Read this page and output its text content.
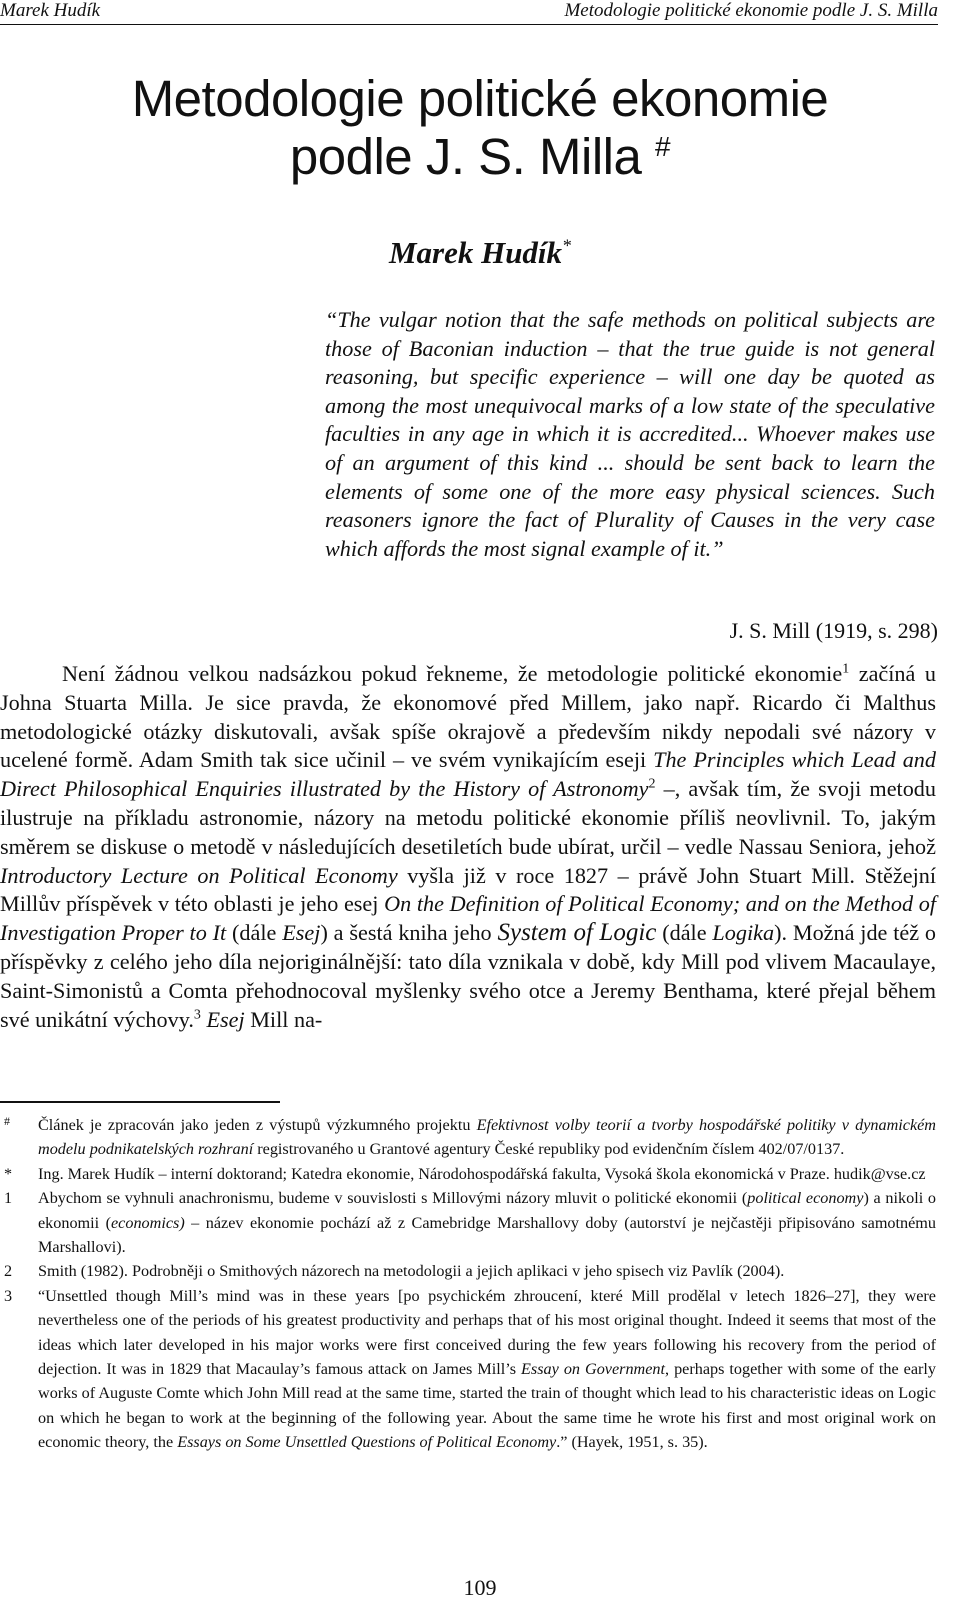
Marek Hudík	Metodologie politické ekonomie podle J. S. Milla
Metodologie politické ekonomie
podle J. S. Milla #
Marek Hudík*
“The vulgar notion that the safe methods on political subjects are those of Baconian induction – that the true guide is not general reasoning, but specific experience – will one day be quoted as among the most unequivocal marks of a low state of the speculative faculties in any age in which it is accredited... Whoever makes use of an argument of this kind ... should be sent back to learn the elements of some one of the more easy physical sciences. Such reasoners ignore the fact of Plurality of Causes in the very case which affords the most signal example of it.”
J. S. Mill (1919, s. 298)

Není žádnou velkou nadsázkou pokud řekneme, že metodologie politické ekonomie$^1$ začíná u Johna Stuarta Milla. Je sice pravda, že ekonomové před Millem, jako např. Ricardo či Malthus metodologické otázky diskutovali, avšak spíše okrajově a především nikdy nepodali své názory v ucelené formě. Adam Smith tak sice učinil – ve svém vynikajícím eseji The Principles which Lead and Direct Philosophical Enquiries illustrated by the History of Astronomy$^2$ –, avšak tím, že svoji metodu ilustruje na příkladu astronomie, názory na metodu politické ekonomie příliš neovlivnil. To, jakým směrem se diskuse o metodě v následujících desetiletích bude ubírat, určil – vedle Nassau Seniora, jehož Introductory Lecture on Political Economy vyšla již v roce 1827 – právě John Stuart Mill. Stěžejní Millův příspěvek v této oblasti je jeho esej On the Definition of Political Economy; and on the Method of Investigation Proper to It (dále Esej) a šestá kniha jeho System of Logic (dále Logika). Možná jde též o příspěvky z celého jeho díla nejoriginálnější: tato díla vznikala v době, kdy Mill pod vlivem Macaulaye, Saint-Simonistů a Comta přehodnocoval myšlenky svého otce a Jeremy Benthama, které přejal během své unikátní výchovy.$^3$ Esej Mill na-

# Článek je zpracován jako jeden z výstupů výzkumného projektu Efektivnost volby teorií a tvorby hospodářské politiky v dynamickém modelu podnikatelských rozhraní registrovaného u Grantové agentury České republiky pod evidenčním číslem 402/07/0137.

* Ing. Marek Hudík – interní doktorand; Katedra ekonomie, Národohospodářská fakulta, Vysoká škola ekonomická v Praze. hudik@vse.cz

1 Abychom se vyhnuli anachronismu, budeme v souvislosti s Millovými názory mluvit o politické ekonomii (political economy) a nikoli o ekonomii (economics) – název ekonomie pochází až z Camebridge Marshallovy doby (autorství je nejčastěji připisováno samotnému Marshallovi).

2 Smith (1982). Podrobněji o Smithových názorech na metodologii a jejich aplikaci v jeho spisech viz Pavlík (2004).

3 “Unsettled though Mill’s mind was in these years [po psychickém zhroucení, které Mill prodělal v letech 1826–27], they were nevertheless one of the periods of his greatest productivity and perhaps that of his most original thought. Indeed it seems that most of the ideas which later developed in his major works were first conceived during the few years following his recovery from the period of dejection. It was in 1829 that Macaulay’s famous attack on James Mill’s Essay on Government, perhaps together with some of the early works of Auguste Comte which John Mill read at the same time, started the train of thought which lead to his characteristic ideas on Logic on which he began to work at the beginning of the following year. About the same time he wrote his first and most original work on economic theory, the Essays on Some Unsettled Questions of Political Economy.” (Hayek, 1951, s. 35).

109
